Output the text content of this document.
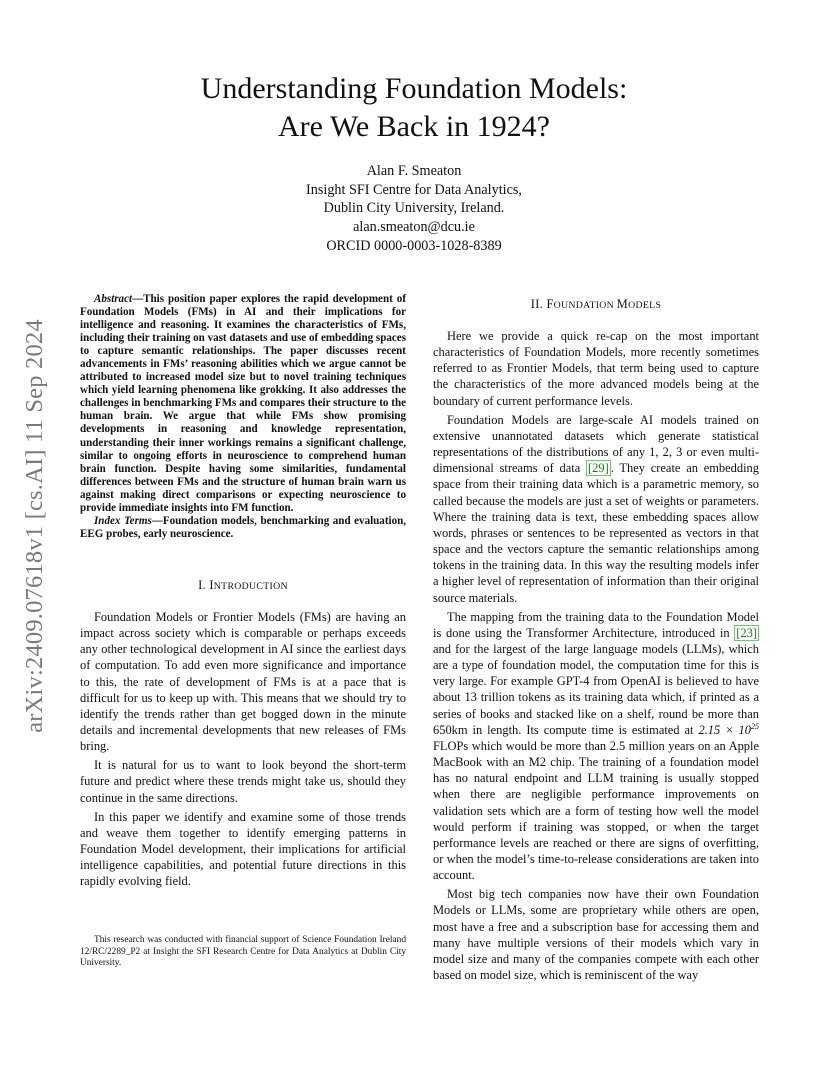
Understanding Foundation Models:
Are We Back in 1924?
Alan F. Smeaton
Insight SFI Centre for Data Analytics,
Dublin City University, Ireland.
alan.smeaton@dcu.ie
ORCID 0000-0003-1028-8389
arXiv:2409.07618v1 [cs.AI] 11 Sep 2024

Abstract—This position paper explores the rapid development of Foundation Models (FMs) in AI and their implications for intelligence and reasoning. It examines the characteristics of FMs, including their training on vast datasets and use of embedding spaces to capture semantic relationships. The paper discusses recent advancements in FMs’ reasoning abilities which we argue cannot be attributed to increased model size but to novel training techniques which yield learning phenomena like grokking. It also addresses the challenges in benchmarking FMs and compares their structure to the human brain. We argue that while FMs show promising developments in reasoning and knowledge representation, understanding their inner workings remains a significant challenge, similar to ongoing efforts in neuroscience to comprehend human brain function. Despite having some similarities, fundamental differences between FMs and the structure of human brain warn us against making direct comparisons or expecting neuroscience to provide immediate insights into FM function.

Index Terms—Foundation models, benchmarking and evaluation, EEG probes, early neuroscience.

I. INTRODUCTION

Foundation Models or Frontier Models (FMs) are having an impact across society which is comparable or perhaps exceeds any other technological development in AI since the earliest days of computation. To add even more significance and importance to this, the rate of development of FMs is at a pace that is difficult for us to keep up with. This means that we should try to identify the trends rather than get bogged down in the minute details and incremental developments that new releases of FMs bring.

It is natural for us to want to look beyond the short-term future and predict where these trends might take us, should they continue in the same directions.

In this paper we identify and examine some of those trends and weave them together to identify emerging patterns in Foundation Model development, their implications for artificial intelligence capabilities, and potential future directions in this rapidly evolving field.

This research was conducted with financial support of Science Foundation Ireland 12/RC/2289_P2 at Insight the SFI Research Centre for Data Analytics at Dublin City University.

II. FOUNDATION MODELS

Here we provide a quick re-cap on the most important characteristics of Foundation Models, more recently sometimes referred to as Frontier Models, that term being used to capture the characteristics of the more advanced models being at the boundary of current performance levels.

Foundation Models are large-scale AI models trained on extensive unannotated datasets which generate statistical representations of the distributions of any 1, 2, 3 or even multi-dimensional streams of data [29] . They create an embedding space from their training data which is a parametric memory, so called because the models are just a set of weights or parameters. Where the training data is text, these embedding spaces allow words, phrases or sentences to be represented as vectors in that space and the vectors capture the semantic relationships among tokens in the training data. In this way the resulting models infer a higher level of representation of information than their original source materials.

The mapping from the training data to the Foundation Model is done using the Transformer Architecture, introduced in [23] and for the largest of the large language models (LLMs), which are a type of foundation model, the computation time for this is very large. For example GPT-4 from OpenAI is believed to have about 13 trillion tokens as its training data which, if printed as a series of books and stacked like on a shelf, round be more than 650km in length. Its compute time is estimated at $2.15 \times 10^{25}$ FLOPs which would be more than 2.5 million years on an Apple MacBook with an M2 chip. The training of a foundation model has no natural endpoint and LLM training is usually stopped when there are negligible performance improvements on validation sets which are a form of testing how well the model would perform if training was stopped, or when the target performance levels are reached or there are signs of overfitting, or when the model’s time-to-release considerations are taken into account.

Most big tech companies now have their own Foundation Models or LLMs, some are proprietary while others are open, most have a free and a subscription base for accessing them and many have multiple versions of their models which vary in model size and many of the companies compete with each other based on model size, which is reminiscent of the way
